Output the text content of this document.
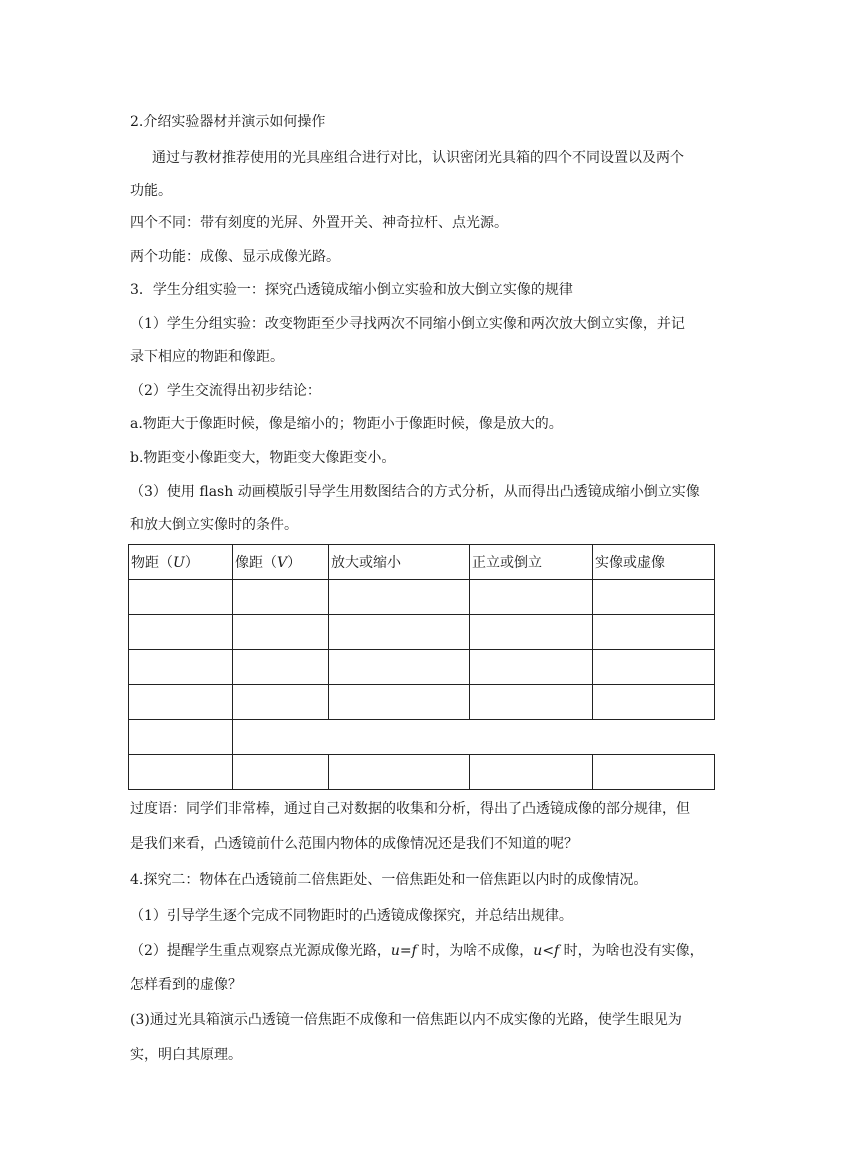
2.介绍实验器材并演示如何操作
通过与教材推荐使用的光具座组合进行对比，认识密闭光具箱的四个不同设置以及两个
功能。
四个不同：带有刻度的光屏、外置开关、神奇拉杆、点光源。
两个功能：成像、显示成像光路。
3．学生分组实验一：探究凸透镜成缩小倒立实验和放大倒立实像的规律
（1）学生分组实验：改变物距至少寻找两次不同缩小倒立实像和两次放大倒立实像，并记
录下相应的物距和像距。
（2）学生交流得出初步结论：
a.物距大于像距时候，像是缩小的；物距小于像距时候，像是放大的。
b.物距变小像距变大，物距变大像距变小。
（3）使用 flash 动画模版引导学生用数图结合的方式分析，从而得出凸透镜成缩小倒立实像
和放大倒立实像时的条件。
物距（U）	像距（V）	放大或缩小	正立或倒立	实像或虚像

过度语：同学们非常棒，通过自己对数据的收集和分析，得出了凸透镜成像的部分规律，但
是我们来看，凸透镜前什么范围内物体的成像情况还是我们不知道的呢？
4.探究二：物体在凸透镜前二倍焦距处、一倍焦距处和一倍焦距以内时的成像情况。
（1）引导学生逐个完成不同物距时的凸透镜成像探究，并总结出规律。
（2）提醒学生重点观察点光源成像光路，u=f 时，为啥不成像，u<f 时，为啥也没有实像，
怎样看到的虚像？
(3)通过光具箱演示凸透镜一倍焦距不成像和一倍焦距以内不成实像的光路，使学生眼见为
实，明白其原理。
